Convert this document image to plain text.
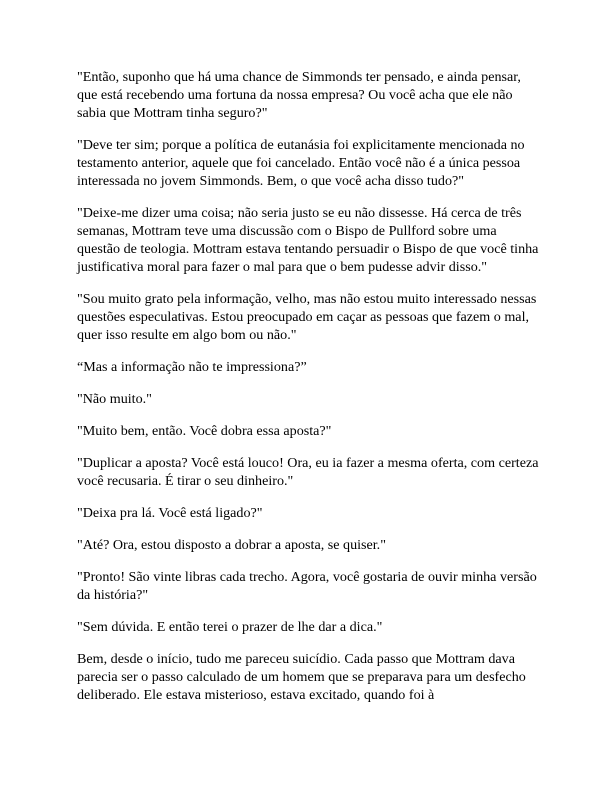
"Então, suponho que há uma chance de Simmonds ter pensado, e ainda pensar, que está recebendo uma fortuna da nossa empresa? Ou você acha que ele não sabia que Mottram tinha seguro?"

"Deve ter sim; porque a política de eutanásia foi explicitamente mencionada no testamento anterior, aquele que foi cancelado. Então você não é a única pessoa interessada no jovem Simmonds. Bem, o que você acha disso tudo?"

"Deixe-me dizer uma coisa; não seria justo se eu não dissesse. Há cerca de três semanas, Mottram teve uma discussão com o Bispo de Pullford sobre uma questão de teologia. Mottram estava tentando persuadir o Bispo de que você tinha justificativa moral para fazer o mal para que o bem pudesse advir disso."

"Sou muito grato pela informação, velho, mas não estou muito interessado nessas questões especulativas. Estou preocupado em caçar as pessoas que fazem o mal, quer isso resulte em algo bom ou não."

“Mas a informação não te impressiona?”

"Não muito."

"Muito bem, então. Você dobra essa aposta?"

"Duplicar a aposta? Você está louco! Ora, eu ia fazer a mesma oferta, com certeza você recusaria. É tirar o seu dinheiro."

"Deixa pra lá. Você está ligado?"

"Até? Ora, estou disposto a dobrar a aposta, se quiser."

"Pronto! São vinte libras cada trecho. Agora, você gostaria de ouvir minha versão da história?"

"Sem dúvida. E então terei o prazer de lhe dar a dica."

Bem, desde o início, tudo me pareceu suicídio. Cada passo que Mottram dava parecia ser o passo calculado de um homem que se preparava para um desfecho deliberado. Ele estava misterioso, estava excitado, quando foi à
